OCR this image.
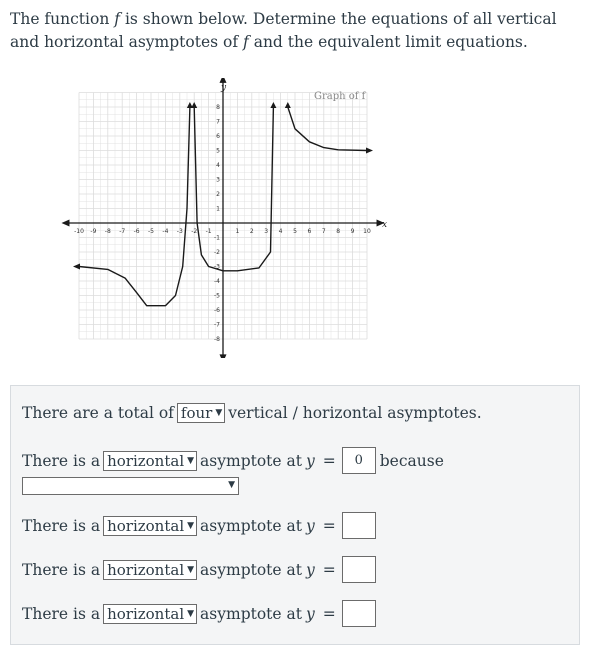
The function f is shown below. Determine the equations of all vertical and horizontal asymptotes of f and the equivalent limit equations.
-10 -9 -8 -7 -6 -5 -4 -3 -2 -1	1 2 3 4 5 6 7 8 9 10
8
7
6
5
4
3
2
1
-1
-2
-3
-4
-5
-6
-7
-8
Graph of f
x
y
There are a total of four ▼ vertical / horizontal asymptotes.
There is a horizontal ▼ asymptote at y = 0 because
▼
There is a horizontal ▼ asymptote at y =
There is a horizontal ▼ asymptote at y =
There is a horizontal ▼ asymptote at y =
